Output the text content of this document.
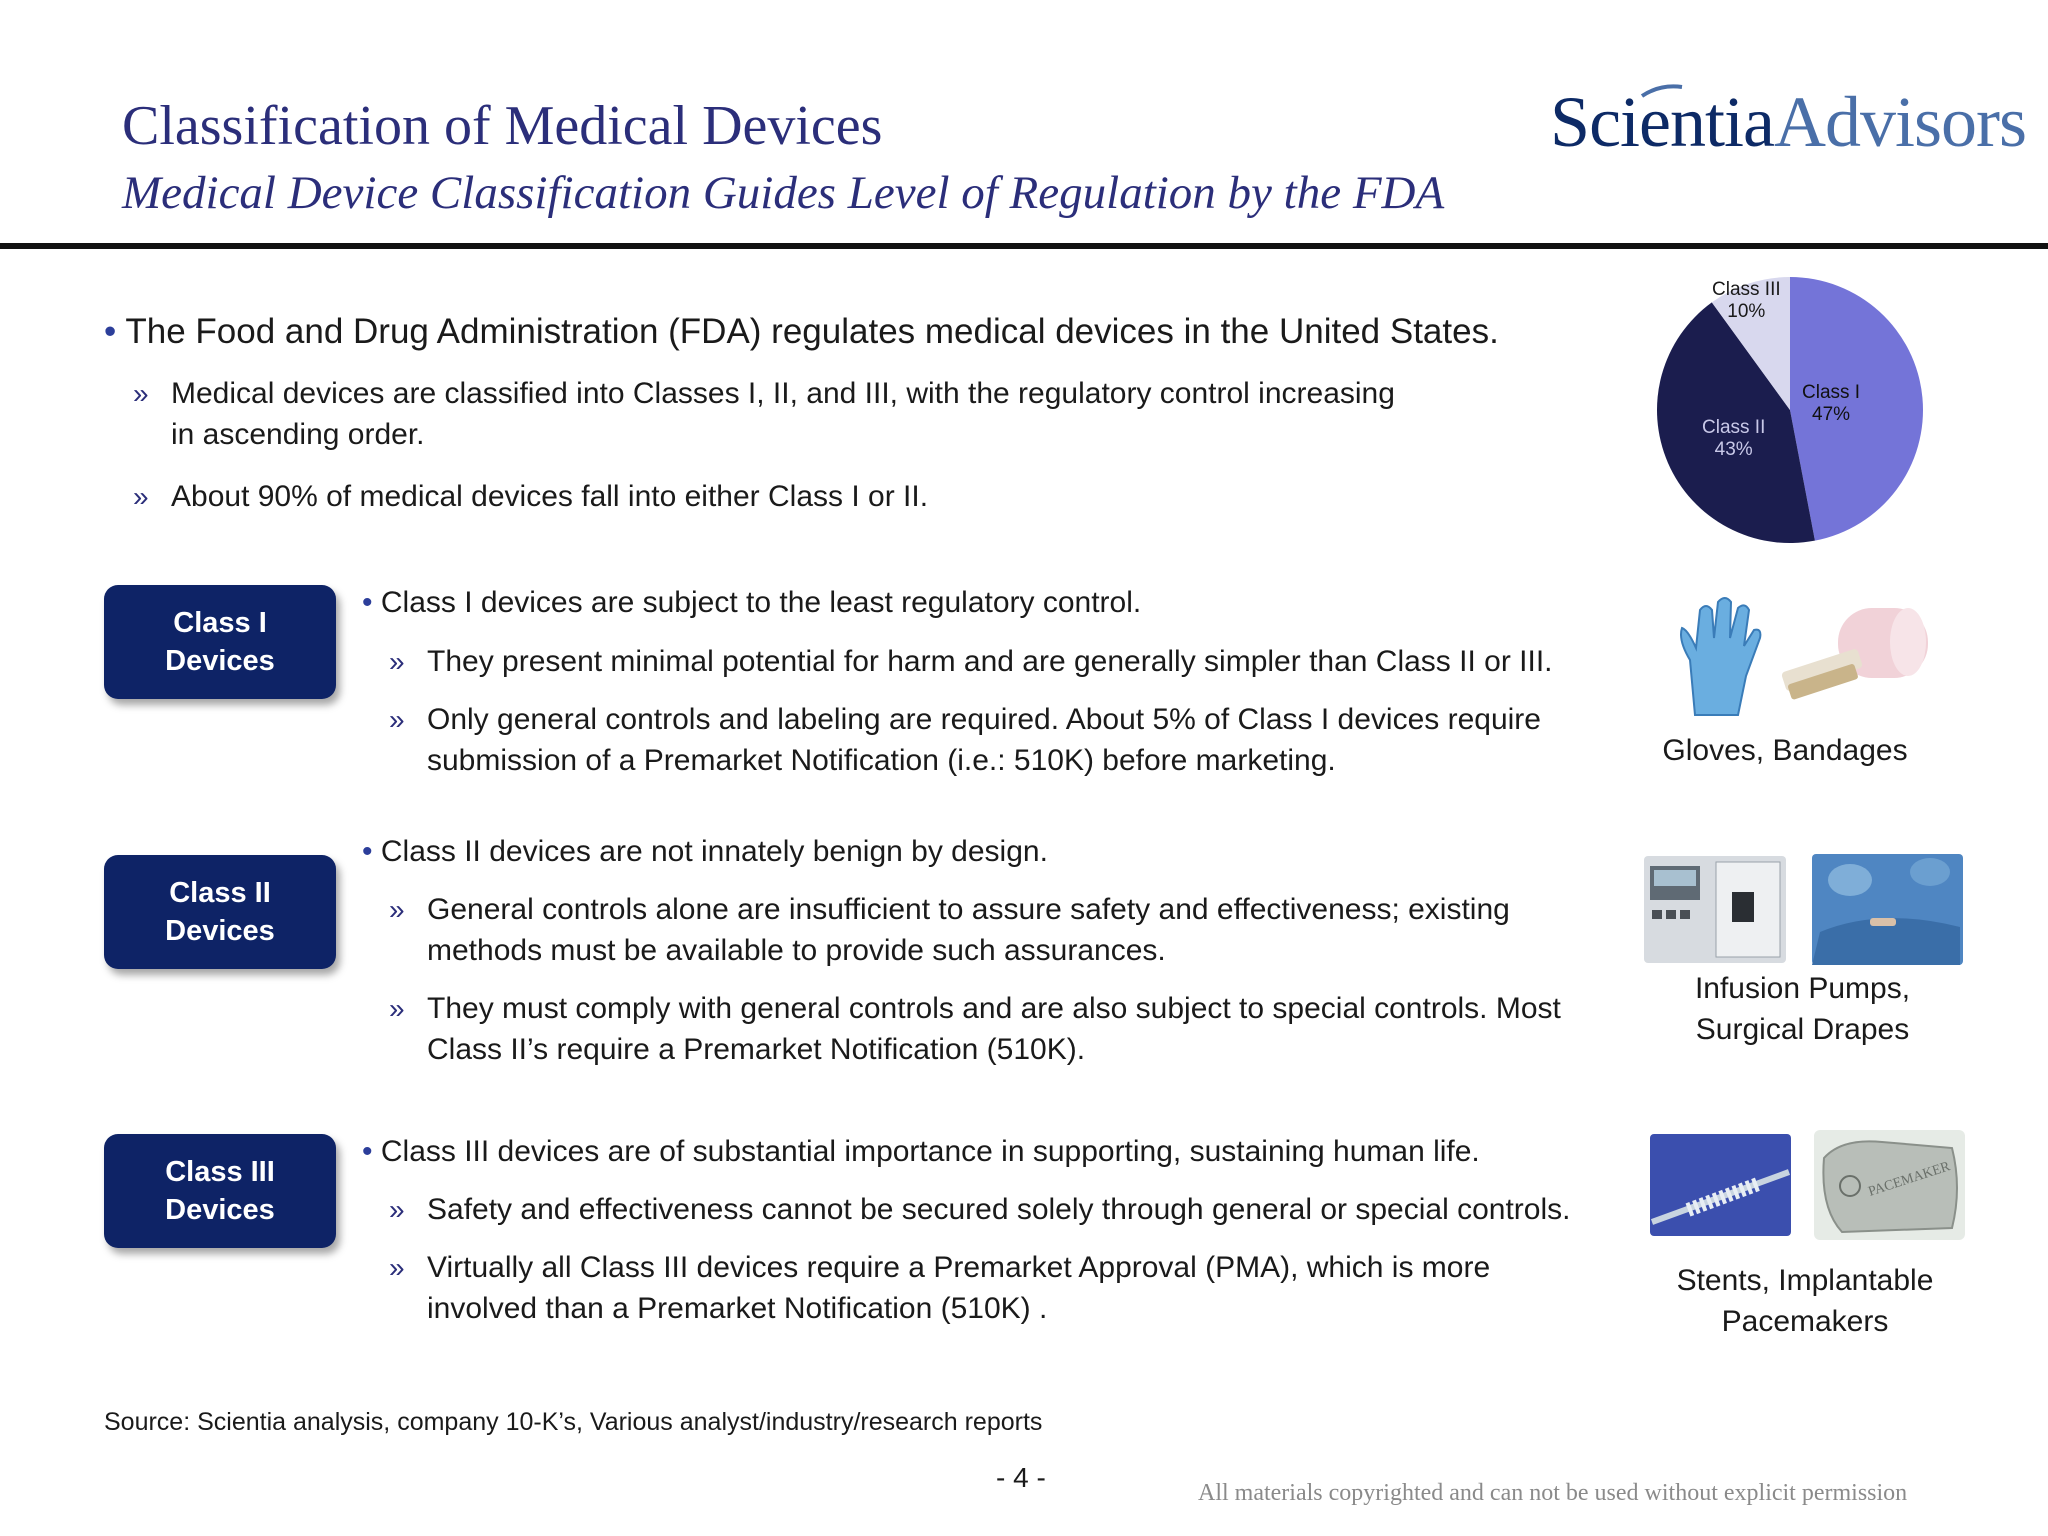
Classification of Medical Devices
Medical Device Classification Guides Level of Regulation by the FDA
ScientiaAdvisors
• The Food and Drug Administration (FDA) regulates medical devices in the United States.
» Medical devices are classified into Classes I, II, and III, with the regulatory control increasing
in ascending order.
» About 90% of medical devices fall into either Class I or II.
Class III
10%
Class I
47%
Class II
43%
Class I
Devices
• Class I devices are subject to the least regulatory control.
» They present minimal potential for harm and are generally simpler than Class II or III.
» Only general controls and labeling are required. About 5% of Class I devices require
submission of a Premarket Notification (i.e.: 510K) before marketing.	Gloves, Bandages
Class II
Devices
• Class II devices are not innately benign by design.
» General controls alone are insufficient to assure safety and effectiveness; existing
methods must be available to provide such assurances.
» They must comply with general controls and are also subject to special controls. Most
Class II’s require a Premarket Notification (510K).
Infusion Pumps,
Surgical Drapes
Class III
Devices
• Class III devices are of substantial importance in supporting, sustaining human life.
» Safety and effectiveness cannot be secured solely through general or special controls.
» Virtually all Class III devices require a Premarket Approval (PMA), which is more
involved than a Premarket Notification (510K) .
PACEMAKER
Stents, Implantable
Pacemakers
Source: Scientia analysis, company 10-K’s, Various analyst/industry/research reports
- 4 -	All materials copyrighted and can not be used without explicit permission
